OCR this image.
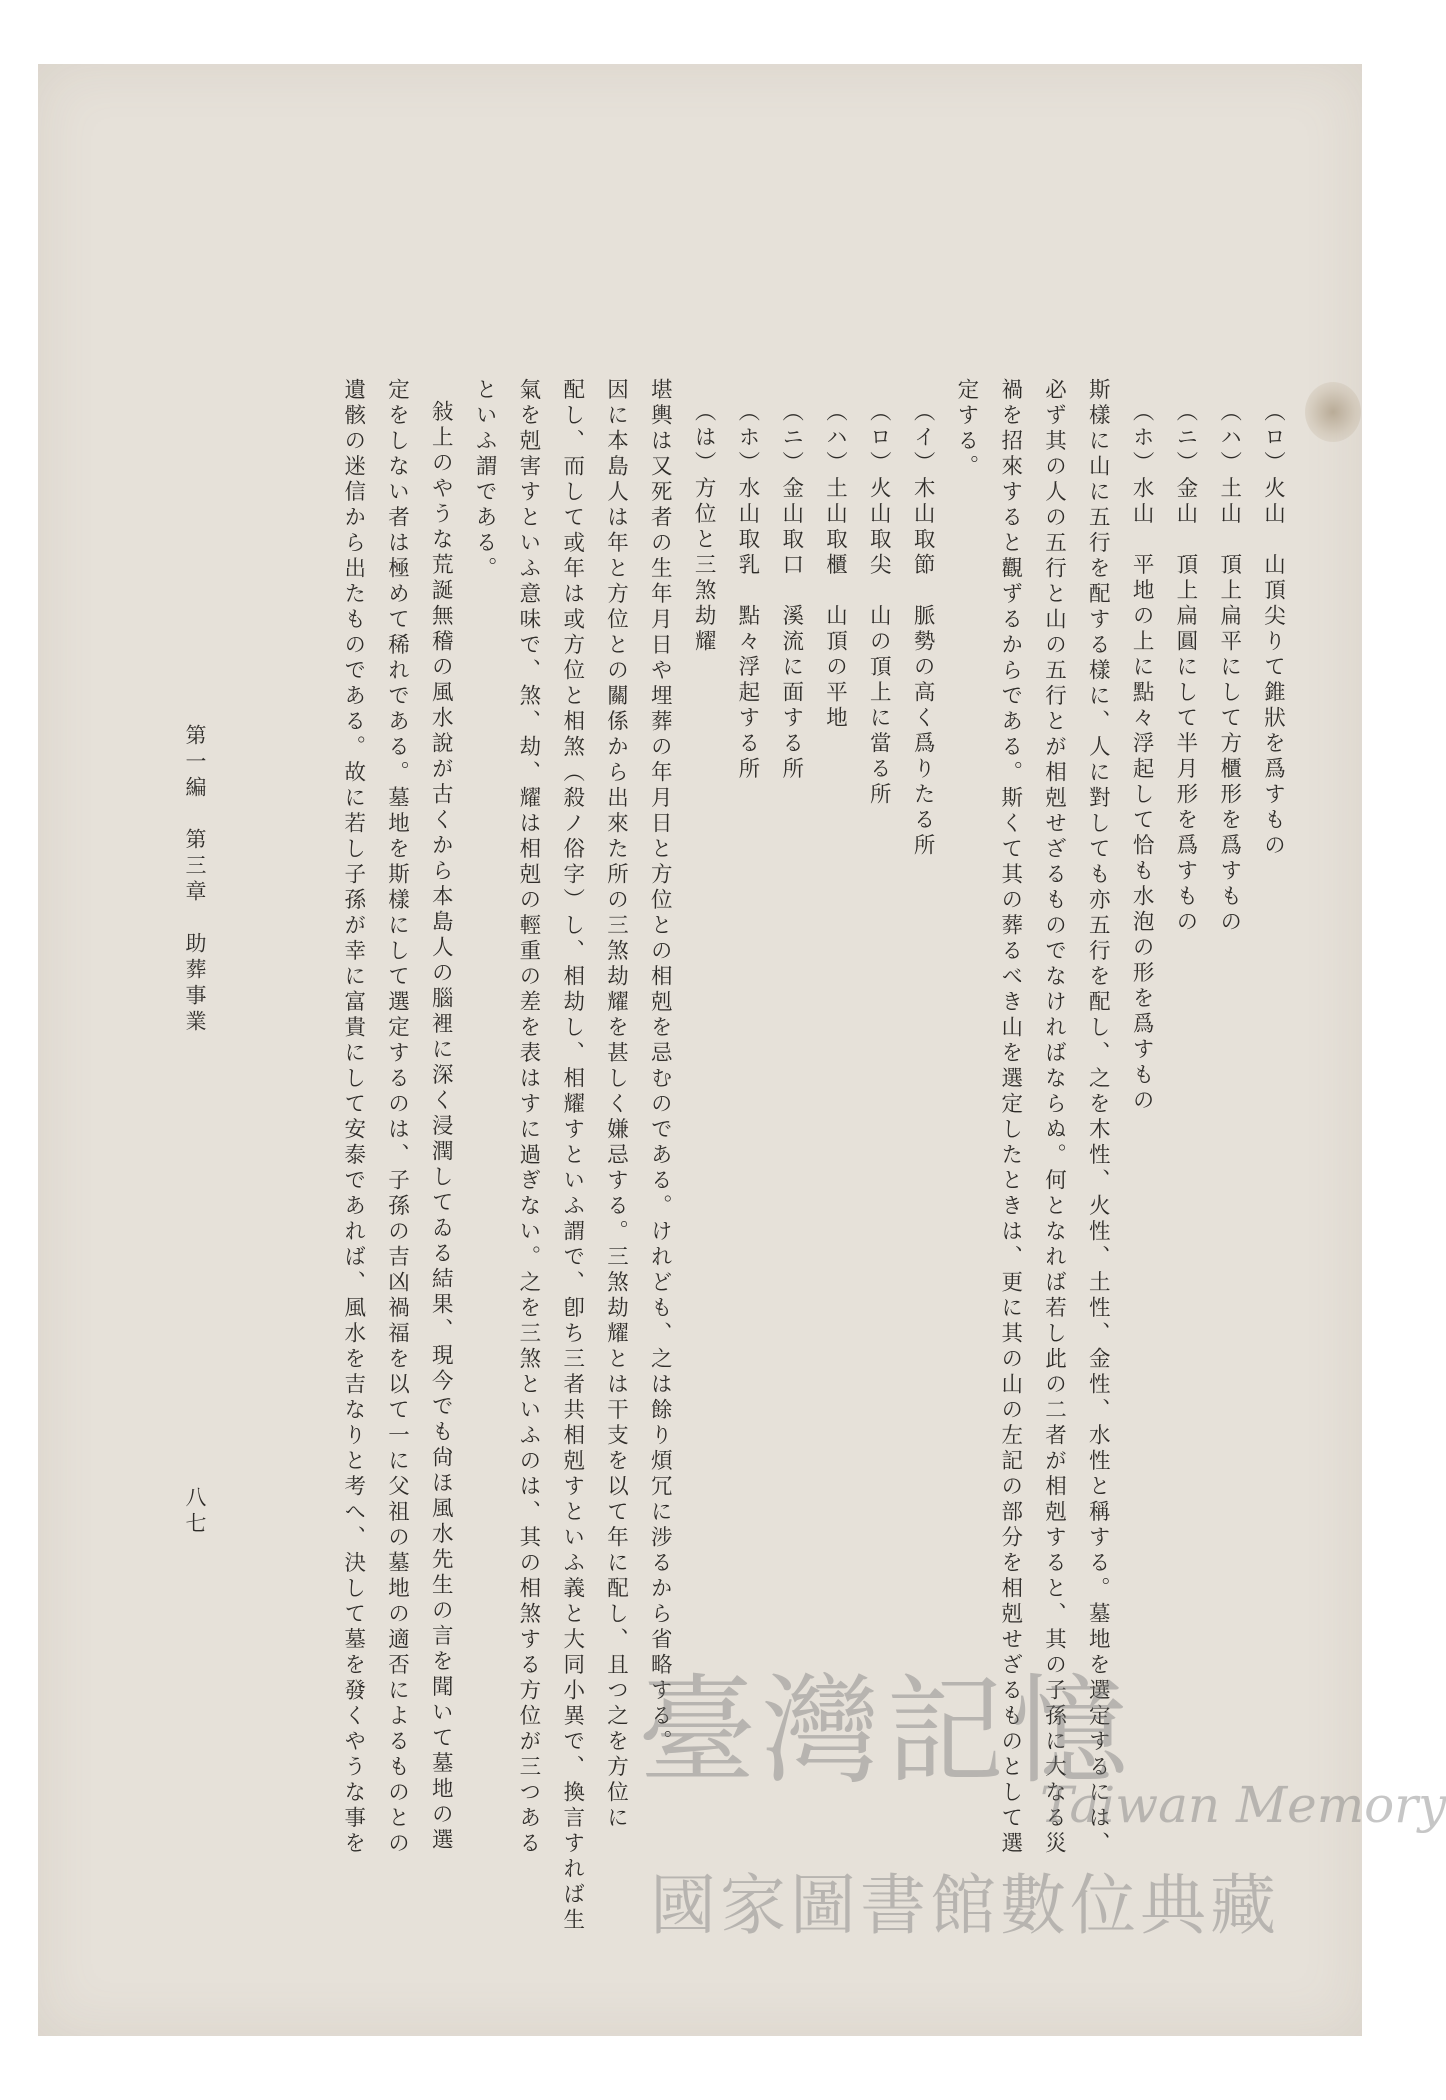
第一編　第三章　助葬事業
八七
（ロ）火山　山頂尖りて錐狀を爲すもの
（ハ）土山　頂上扁平にして方櫃形を爲すもの
（ニ）金山　頂上扁圓にして半月形を爲すもの
（ホ）水山　平地の上に點々浮起して恰も水泡の形を爲すもの
斯樣に山に五行を配する樣に、人に對しても亦五行を配し、之を木性、火性、土性、金性、水性と稱する。墓地を選定するには、
必ず其の人の五行と山の五行とが相剋せざるものでなければならぬ。何となれば若し此の二者が相剋すると、其の子孫に大なる災
禍を招來すると觀ずるからである。斯くて其の葬るべき山を選定したときは、更に其の山の左記の部分を相剋せざるものとして選
定する。
（イ）木山取節　脈勢の高く爲りたる所
（ロ）火山取尖　山の頂上に當る所
（ハ）土山取櫃　山頂の平地
（ニ）金山取口　溪流に面する所
（ホ）水山取乳　點々浮起する所
（は）方位と三煞劫耀
堪輿は又死者の生年月日や埋葬の年月日と方位との相剋を忌むのである。けれども、之は餘り煩冗に涉るから省略する。
因に本島人は年と方位との關係から出來た所の三煞劫耀を甚しく嫌忌する。三煞劫耀とは干支を以て年に配し、且つ之を方位に
配し、而して或年は或方位と相煞（殺ノ俗字）し、相劫し、相耀すといふ謂で、卽ち三者共相剋すといふ義と大同小異で、換言すれば生
氣を剋害すといふ意味で、煞、劫、耀は相剋の輕重の差を表はすに過ぎない。之を三煞といふのは、其の相煞する方位が三つある
といふ謂である。
敍上のやうな荒誕無稽の風水說が古くから本島人の腦裡に深く浸潤してゐる結果、現今でも尙ほ風水先生の言を聞いて墓地の選
定をしない者は極めて稀れである。墓地を斯樣にして選定するのは、子孫の吉凶禍福を以て一に父祖の墓地の適否によるものとの
遺骸の迷信から出たものである。故に若し子孫が幸に富貴にして安泰であれば、風水を吉なりと考へ、決して墓を發くやうな事を 臺灣記憶
Taiwan Memory
國家圖書館數位典藏
